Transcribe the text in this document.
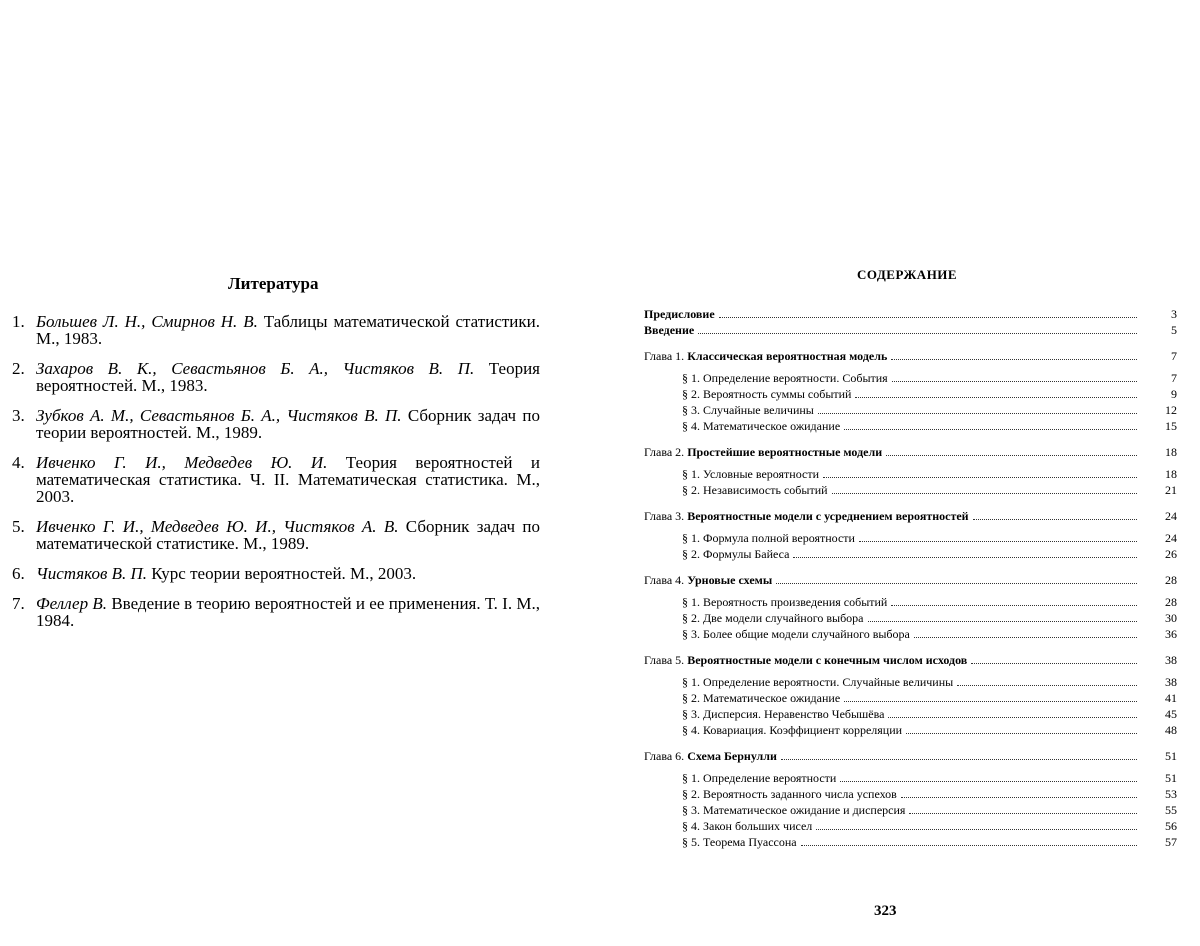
Литература
1. Большев Л. Н., Смирнов Н. В. Таблицы математической статистики. М., 1983.
2. Захаров В. К., Севастьянов Б. А., Чистяков В. П. Теория вероятностей. М., 1983.
3. Зубков А. М., Севастьянов Б. А., Чистяков В. П. Сборник задач по теории вероятностей. М., 1989.
4. Ивченко Г. И., Медведев Ю. И. Теория вероятностей и математическая статистика. Ч. II. Математическая статистика. М., 2003.
5. Ивченко Г. И., Медведев Ю. И., Чистяков А. В. Сборник задач по математической статистике. М., 1989.
6. Чистяков В. П. Курс теории вероятностей. М., 2003.
7. Феллер В. Введение в теорию вероятностей и ее применения. Т. I. М., 1984.
СОДЕРЖАНИЕ
Предисловие	3
Введение	5
Глава 1. Классическая вероятностная модель	7
§ 1. Определение вероятности. События	7
§ 2. Вероятность суммы событий	9
§ 3. Случайные величины	12
§ 4. Математическое ожидание	15
Глава 2. Простейшие вероятностные модели	18
§ 1. Условные вероятности	18
§ 2. Независимость событий	21
Глава 3. Вероятностные модели с усреднением вероятностей	24
§ 1. Формула полной вероятности	24
§ 2. Формулы Байеса	26
Глава 4. Урновые схемы	28
§ 1. Вероятность произведения событий	28
§ 2. Две модели случайного выбора	30
§ 3. Более общие модели случайного выбора	36
Глава 5. Вероятностные модели с конечным числом исходов	38
§ 1. Определение вероятности. Случайные величины	38
§ 2. Математическое ожидание	41
§ 3. Дисперсия. Неравенство Чебышёва	45
§ 4. Ковариация. Коэффициент корреляции	48
Глава 6. Схема Бернулли	51
§ 1. Определение вероятности	51
§ 2. Вероятность заданного числа успехов	53
§ 3. Математическое ожидание и дисперсия	55
§ 4. Закон больших чисел	56
§ 5. Теорема Пуассона	57
323
